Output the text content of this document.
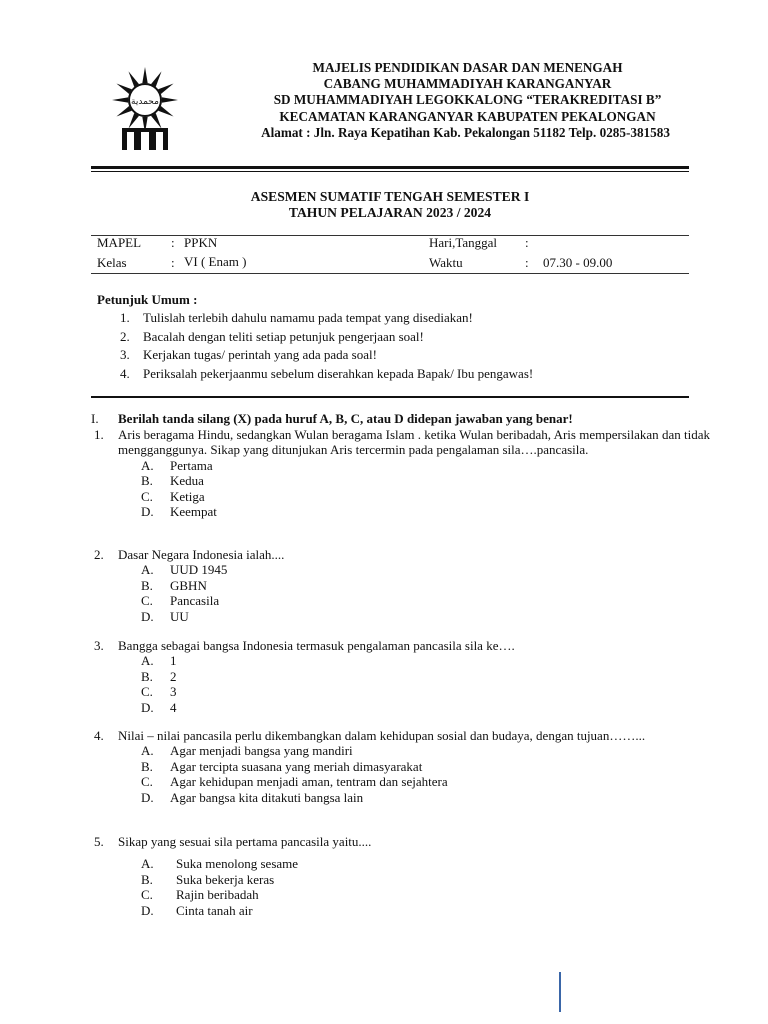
محمدية
MAJELIS PENDIDIKAN DASAR DAN MENENGAH
CABANG MUHAMMADIYAH KARANGANYAR
SD MUHAMMADIYAH LEGOKKALONG “TERAKREDITASI B”
KECAMATAN KARANGANYAR KABUPATEN PEKALONGAN
Alamat : Jln. Raya Kepatihan Kab. Pekalongan 51182 Telp. 0285-381583
ASESMEN SUMATIF TENGAH SEMESTER I
TAHUN PELAJARAN 2023 / 2024
MAPEL : PPKN
Kelas	: VI ( Enam )
Hari,Tanggal :
Waktu	: 07.30 - 09.00
Petunjuk Umum :
1. Tulislah terlebih dahulu namamu pada tempat yang disediakan!
2. Bacalah dengan teliti setiap petunjuk pengerjaan soal!
3. Kerjakan tugas/ perintah yang ada pada soal!
4. Periksalah pekerjaanmu sebelum diserahkan kepada Bapak/ Ibu pengawas!
I. Berilah tanda silang (X) pada huruf A, B, C, atau D didepan jawaban yang benar!
1. Aris beragama Hindu, sedangkan Wulan beragama Islam . ketika Wulan beribadah, Aris mempersilakan dan tidak mengganggunya. Sikap yang ditunjukan Aris tercermin pada pengalaman sila….pancasila.
A. Pertama
B. Kedua
C. Ketiga
D. Keempat
2. Dasar Negara Indonesia ialah....
A. UUD 1945
B. GBHN
C. Pancasila
D. UU
3. Bangga sebagai bangsa Indonesia termasuk pengalaman pancasila sila ke….
A. 1
B. 2
C. 3
D. 4
4. Nilai – nilai pancasila perlu dikembangkan dalam kehidupan sosial dan budaya, dengan tujuan……...
A. Agar menjadi bangsa yang mandiri
B. Agar tercipta suasana yang meriah dimasyarakat
C. Agar kehidupan menjadi aman, tentram dan sejahtera
D. Agar bangsa kita ditakuti bangsa lain
5. Sikap yang sesuai sila pertama pancasila yaitu....
A. Suka menolong sesame
B. Suka bekerja keras
C. Rajin beribadah
D. Cinta tanah air
